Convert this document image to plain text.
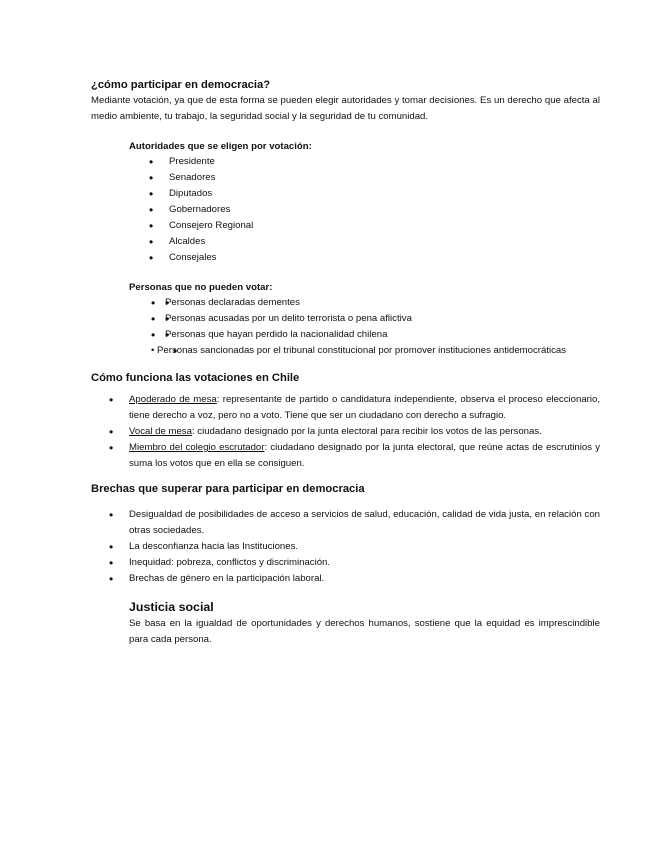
¿cómo participar en democracia?

Mediante votación, ya que de esta forma se pueden elegir autoridades y tomar decisiones. Es un derecho que afecta al medio ambiente, tu trabajo, la seguridad social y la seguridad de tu comunidad.

Autoridades que se eligen por votación:
• Presidente
• Senadores
• Diputados
• Gobernadores
• Consejero Regional
• Alcaldes
• Consejales
Personas que no pueden votar:
• • Personas declaradas dementes
• • Personas acusadas por un delito terrorista o pena aflictiva
• • Personas que hayan perdido la nacionalidad chilena
• • Personas sancionadas por el tribunal constitucional por promover instituciones antidemocráticas
Cómo funciona las votaciones en Chile
• Apoderado de mesa: representante de partido o candidatura independiente, observa el proceso eleccionario, tiene derecho a voz, pero no a voto. Tiene que ser un ciudadano con derecho a sufragio.
• Vocal de mesa: ciudadano designado por la junta electoral para recibir los votos de las personas.
• Miembro del colegio escrutador: ciudadano designado por la junta electoral, que reúne actas de escrutinios y suma los votos que en ella se consiguen.
Brechas que superar para participar en democracia
• Desigualdad de posibilidades de acceso a servicios de salud, educación, calidad de vida justa, en relación con otras sociedades.
• La desconfianza hacia las Instituciones.
• Inequidad: pobreza, conflictos y discriminación.
• Brechas de género en la participación laboral.
Justicia social

Se basa en la igualdad de oportunidades y derechos humanos, sostiene que la equidad es imprescindible para cada persona.
